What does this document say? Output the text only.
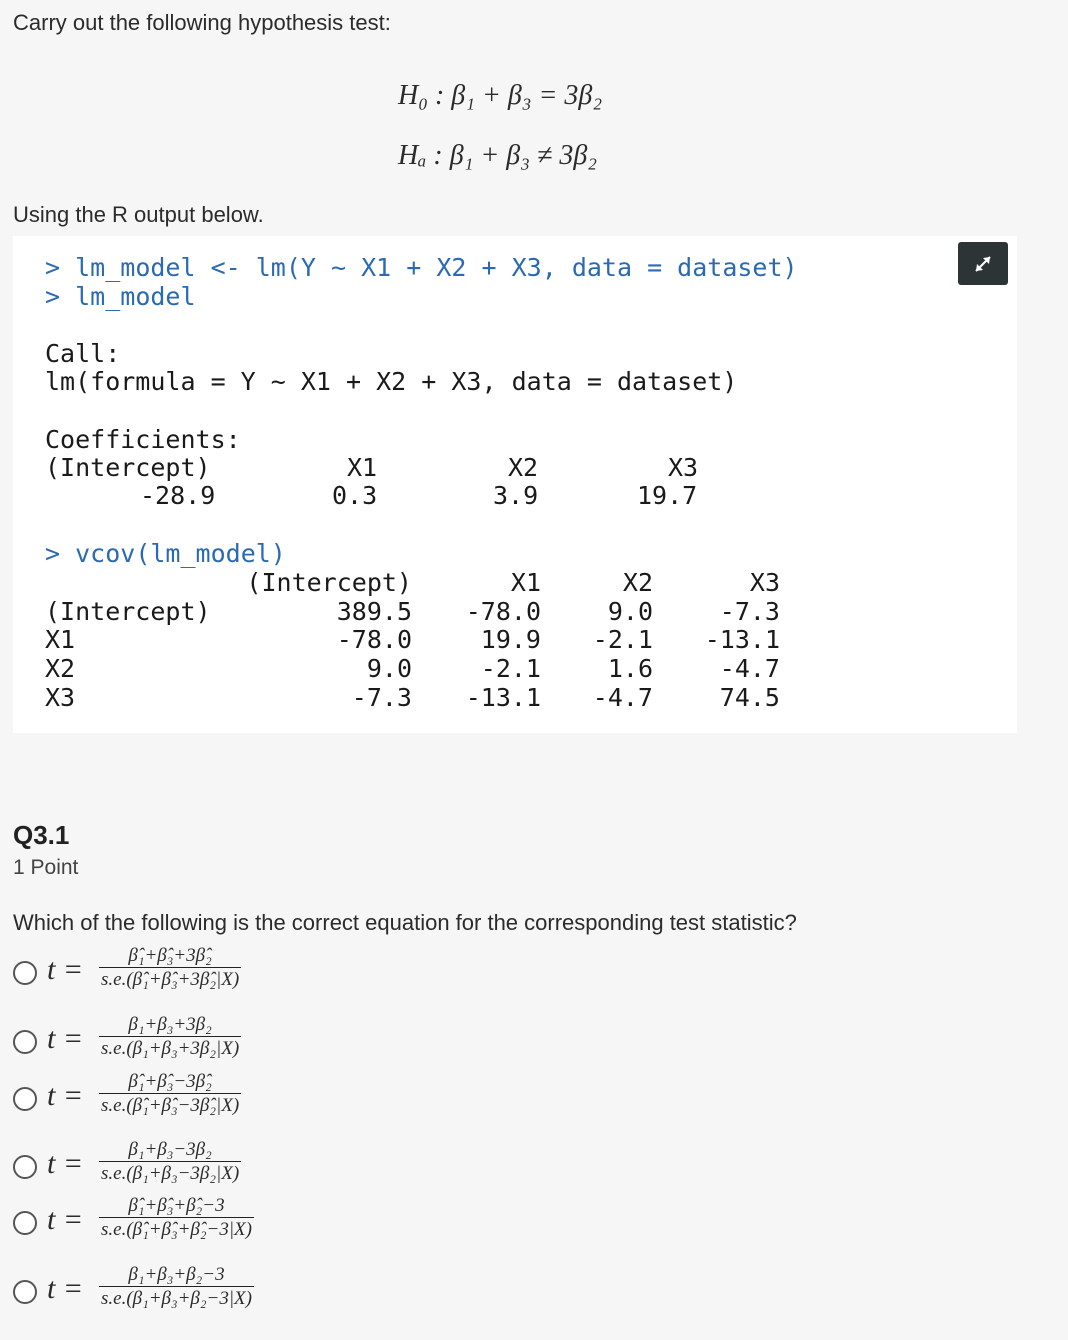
Carry out the following hypothesis test:
H₀ : β₁ + β₃ = 3β₂
Hₐ : β₁ + β₃ ≠ 3β₂
Using the R output below.
> lm_model <- lm(Y ~ X1 + X2 + X3, data = dataset)
> lm_model
Call:
lm(formula = Y ~ X1 + X2 + X3, data = dataset)
Coefficients:
(Intercept)	X1	X2	X3
-28.9	0.3	3.9	19.7
> vcov(lm_model)
(Intercept)	X1	X2	X3
(Intercept)	389.5 -78.0	9.0	-7.3
X1	-78.0	19.9 -2.1 -13.1
X2	9.0	-2.1	1.6	-4.7
X3	-7.3 -13.1 -4.7	74.5
Q3.1
1 Point
Which of the following is the correct equation for the corresponding test statistic?
$t = \frac{\text{β̂₁+β̂₃+3β̂₂}}{\text{s.e.(β̂₁+β̂₃+3β̂₂|X)}}$
$t = \frac{\text{β₁+β₃+3β₂}}{\text{s.e.(β₁+β₃+3β₂|X)}}$
$t = \frac{\text{β̂₁+β̂₃−3β̂₂}}{\text{s.e.(β̂₁+β̂₃−3β̂₂|X)}}$
$t = \frac{\text{β₁+β₃−3β₂}}{\text{s.e.(β₁+β₃−3β₂|X)}}$
$t = \frac{\text{β̂₁+β̂₃+β̂₂−3}}{\text{s.e.(β̂₁+β̂₃+β̂₂−3|X)}}$
$t = \frac{\text{β₁+β₃+β₂−3}}{\text{s.e.(β₁+β₃+β₂−3|X)}}$
